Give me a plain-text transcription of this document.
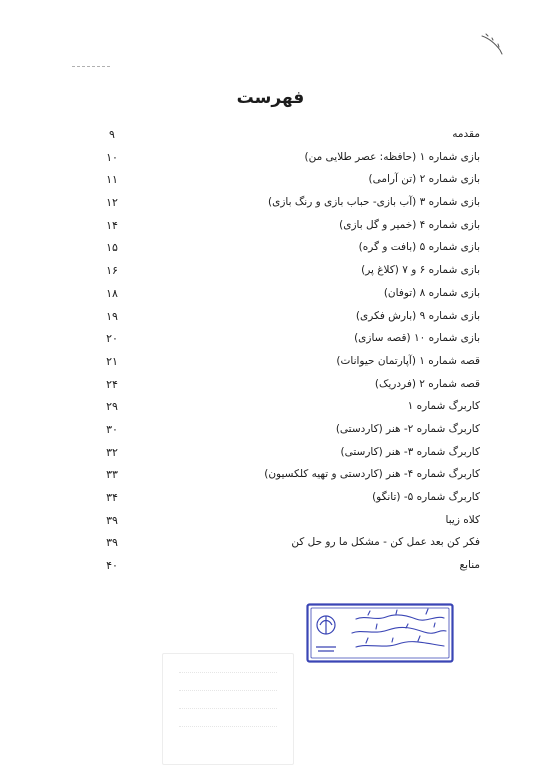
فهرست
مقدمه
۹
بازی شماره ۱ (حافظه: عصر طلایی من)
۱۰
بازی شماره ۲ (تن آرامی)
۱۱
بازی شماره ۳ (آب بازی- حباب بازی و رنگ بازی)
۱۲
بازی شماره ۴ (خمیر و گل بازی)
۱۴
بازی شماره ۵ (بافت و گره)
۱۵
بازی شماره ۶ و ۷ (کلاغ پر)
۱۶
بازی شماره ۸ (توفان)
۱۸
بازی شماره ۹ (بارش فکری)
۱۹
بازی شماره ۱۰ (قصه سازی)
۲۰
قصه شماره ۱ (آپارتمان حیوانات)
۲۱
قصه شماره ۲ (فردریک)
۲۴
کاربرگ شماره ۱
۲۹
کاربرگ شماره ۲- هنر (کاردستی)
۳۰
کاربرگ شماره ۳- هنر (کارستی)
۳۲
کاربرگ شماره ۴- هنر (کاردستی و تهیه کلکسیون)
۳۳
کاربرگ شماره ۵- (تانگو)
۳۴
کلاه زیبا
۳۹
فکر کن بعد عمل کن - مشکل ما رو حل کن
۳۹
منابع
۴۰
